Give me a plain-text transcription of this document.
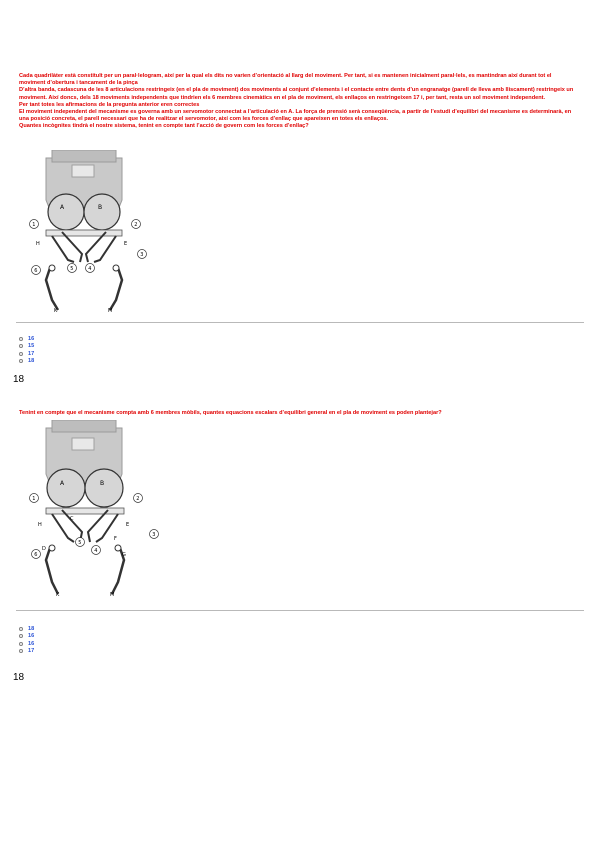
Cada quadrilàter està constituït per un paral·lelogram, així per la qual els dits no varien d’orientació al llarg del moviment. Per tant, si es mantenen inicialment paral·lels, es mantindran així durant tot el moviment d’obertura i tancament de la pinça

D’altra banda, cadascuna de les 8 articulacions restringeix (en el pla de moviment) dos moviments al conjunt d’elements i el contacte entre dents d’un engranatge (parell de lleva amb lliscament) restringeix un moviment. Així doncs, dels 18 moviments independents que tindrien els 6 membres cinemàtics en el pla de moviment, els enllaços en restringeixen 17 i, per tant, resta un sol moviment independent.

Per tant totes les afirmacions de la pregunta anterior eren correctes

El moviment independent del mecanisme es governa amb un servomotor connectat a l’articulació en A. La força de prensió serà conseqüència, a partir de l’estudi d’equilibri del mecanisme es determinarà, en una posició concreta, el parell necessari que ha de realitzar el servomotor, així com les forces d’enllaç que apareixen en totes els enllaços.

Quantes incògnites tindrà el nostre sistema, tenint en compte tant l’acció de govern com les forces d’enllaç?

A	B
1	2
3
4
5
6
H	E
K	M
16
15
17
18
18

Tenint en compte que el mecanisme compta amb 6 membres mòbils, quantes equacions escalars d’equilibri general en el pla de moviment es poden plantejar?

A	B
1	2
3
4
5
6
H	E
F
G
D
C
K	M
18
16
16
17
18
